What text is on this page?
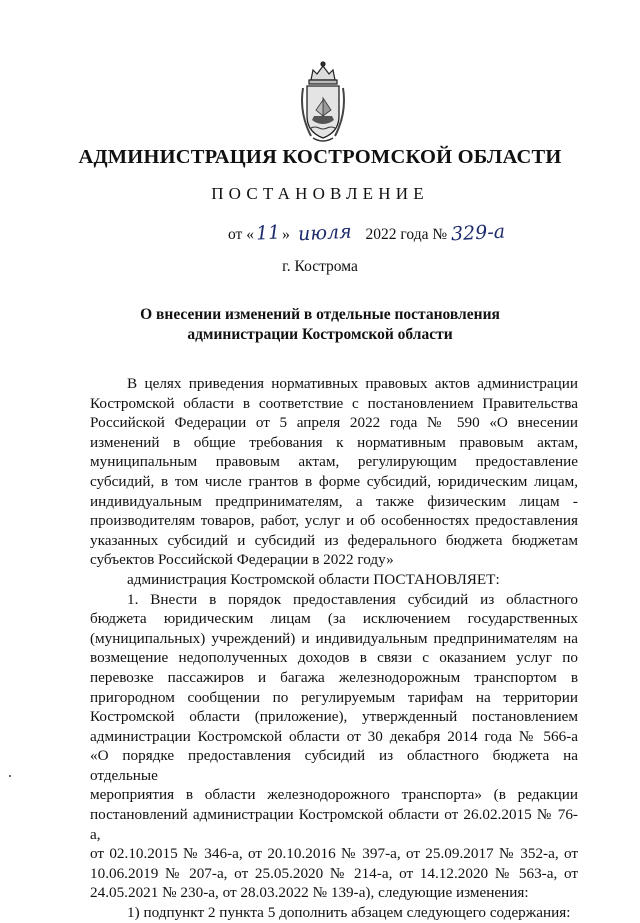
АДМИНИСТРАЦИЯ КОСТРОМСКОЙ ОБЛАСТИ
ПОСТАНОВЛЕНИЕ
от «11» июля 2022 года № 329-а
г. Кострома
О внесении изменений в отдельные постановления
администрации Костромской области

В целях приведения нормативных правовых актов администрации

Костромской области в соответствие с постановлением Правительства

Российской Федерации от 5 апреля 2022 года № 590 «О внесении

изменений в общие требования к нормативным правовым актам,

муниципальным правовым актам, регулирующим предоставление

субсидий, в том числе грантов в форме субсидий, юридическим лицам,

индивидуальным предпринимателям, а также физическим лицам -

производителям товаров, работ, услуг и об особенностях предоставления

указанных субсидий и субсидий из федерального бюджета бюджетам

субъектов Российской Федерации в 2022 году»

администрация Костромской области ПОСТАНОВЛЯЕТ:

1. Внести в порядок предоставления субсидий из областного

бюджета юридическим лицам (за исключением государственных

(муниципальных) учреждений) и индивидуальным предпринимателям на

возмещение недополученных доходов в связи с оказанием услуг по

перевозке пассажиров и багажа железнодорожным транспортом в

пригородном сообщении по регулируемым тарифам на территории

Костромской области (приложение), утвержденный постановлением

администрации Костромской области от 30 декабря 2014 года № 566-а

«О порядке предоставления субсидий из областного бюджета на отдельные

мероприятия в области железнодорожного транспорта» (в редакции

постановлений администрации Костромской области от 26.02.2015 № 76-а,

от 02.10.2015 № 346-а, от 20.10.2016 № 397-а, от 25.09.2017 № 352-а, от

10.06.2019 № 207-а, от 25.05.2020 № 214-а, от 14.12.2020 № 563-а, от

24.05.2021 № 230-а, от 28.03.2022 № 139-а), следующие изменения:

1) подпункт 2 пункта 5 дополнить абзацем следующего содержания:
